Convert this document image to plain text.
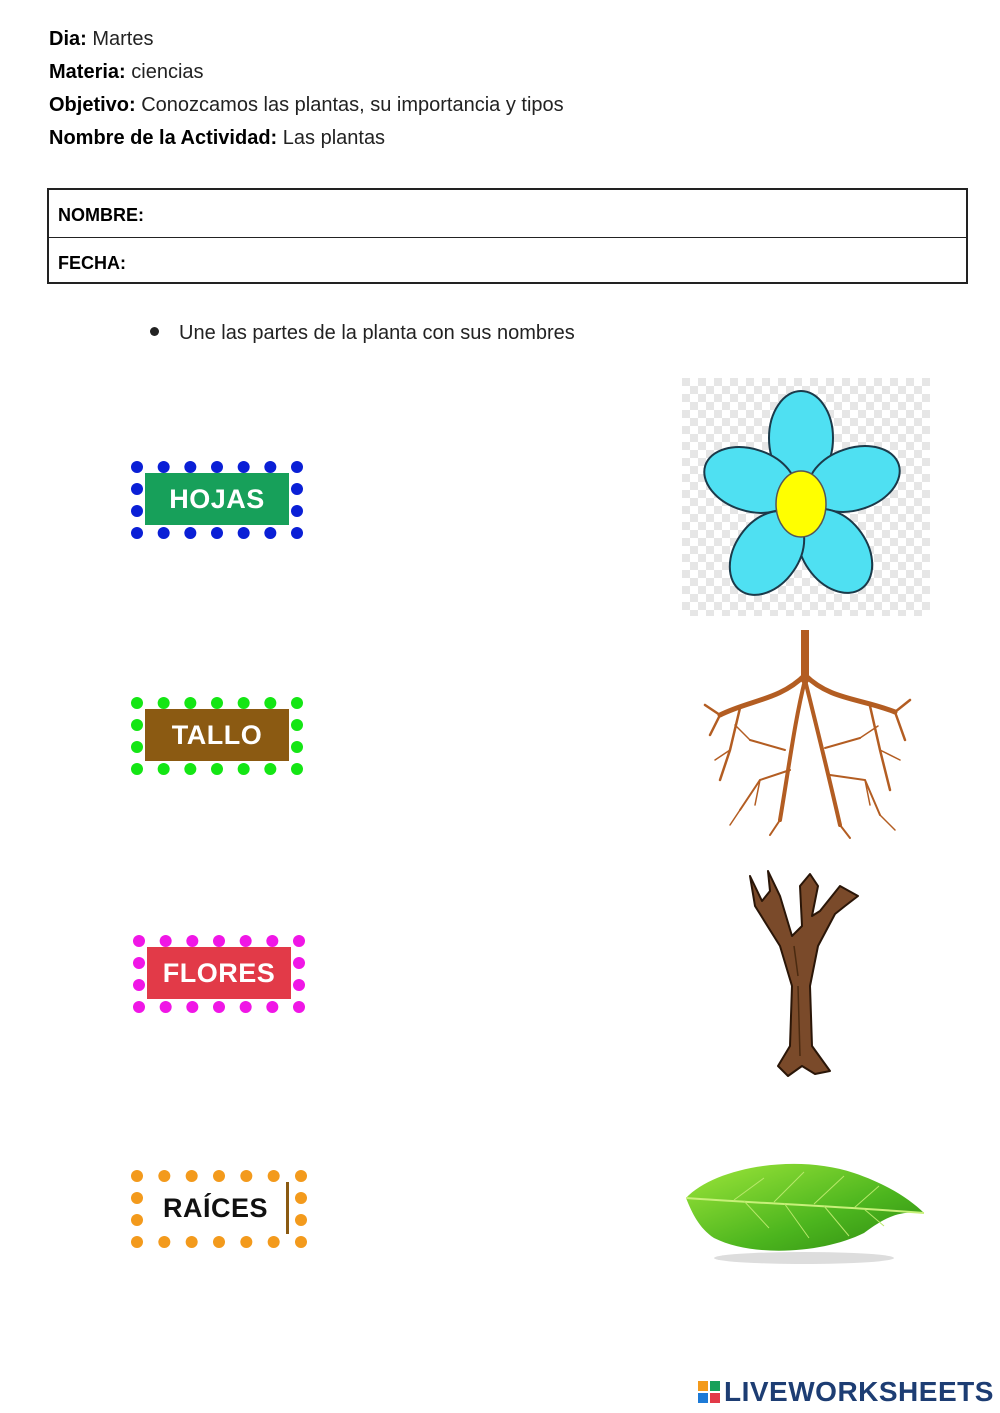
Dia: Martes
Materia: ciencias
Objetivo: Conozcamos las plantas, su importancia y tipos
Nombre de la Actividad: Las plantas
NOMBRE:
FECHA:
Une las partes de la planta con sus nombres
HOJAS
TALLO
FLORES
RAÍCES
LIVEWORKSHEETS
